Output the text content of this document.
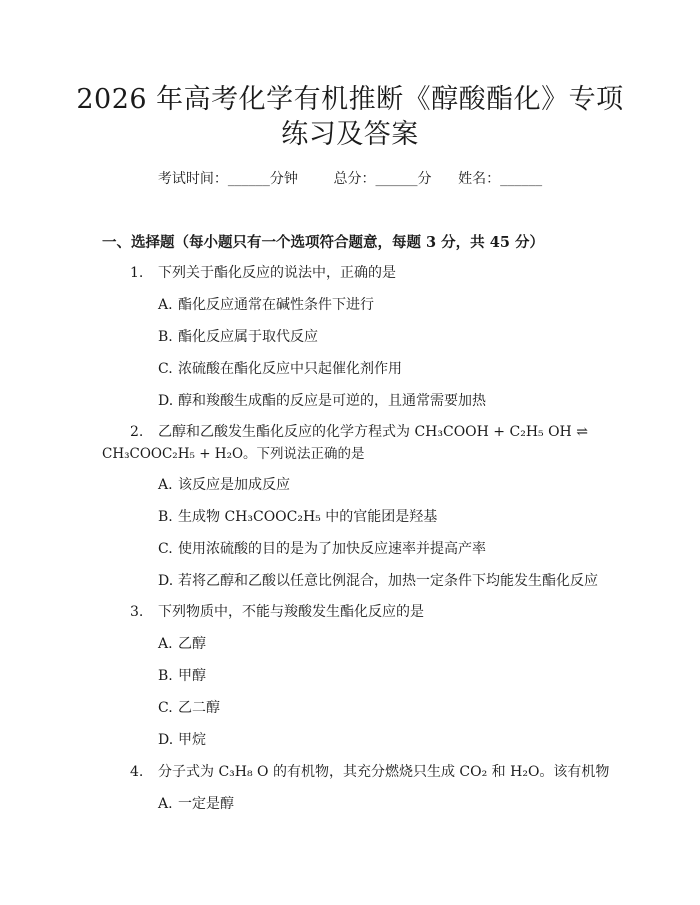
2026 年高考化学有机推断《醇酸酯化》专项
练习及答案
考试时间：______分钟	总分：______分 姓名：______
一、选择题（每小题只有一个选项符合题意，每题 3 分，共 45 分）
1. 下列关于酯化反应的说法中，正确的是
A. 酯化反应通常在碱性条件下进行
B. 酯化反应属于取代反应
C. 浓硫酸在酯化反应中只起催化剂作用
D. 醇和羧酸生成酯的反应是可逆的，且通常需要加热
2. 乙醇和乙酸发生酯化反应的化学方程式为 CH₃COOH + C₂H₅ OH ⇌
CH₃COOC₂H₅ + H₂O。下列说法正确的是
A. 该反应是加成反应
B. 生成物 CH₃COOC₂H₅ 中的官能团是羟基
C. 使用浓硫酸的目的是为了加快反应速率并提高产率
D. 若将乙醇和乙酸以任意比例混合，加热一定条件下均能发生酯化反应
3. 下列物质中，不能与羧酸发生酯化反应的是
A. 乙醇
B. 甲醇
C. 乙二醇
D. 甲烷
4. 分子式为 C₃H₈ O 的有机物，其充分燃烧只生成 CO₂ 和 H₂O。该有机物
A. 一定是醇
